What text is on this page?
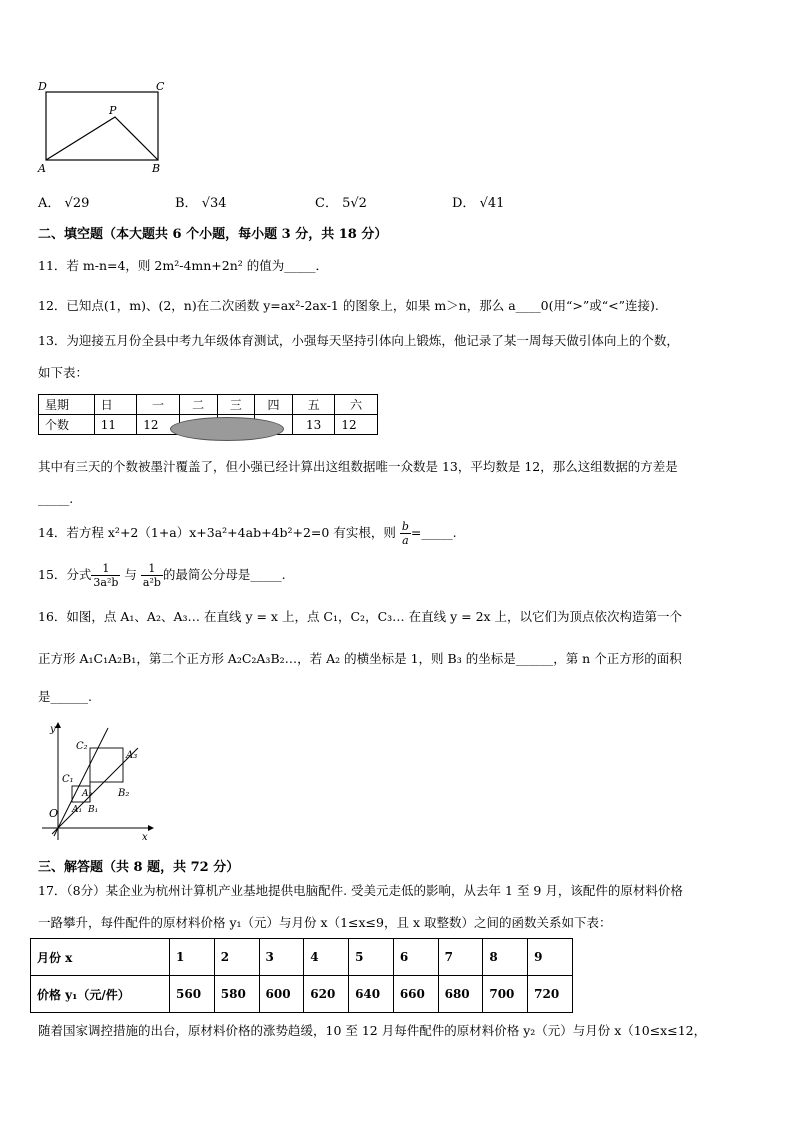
D	C
P
A	B
A． √29	B． √34	C． 5√2	D． √41
二、填空题（本大题共 6 个小题，每小题 3 分，共 18 分）
11．若 m-n=4，则 2m²-4mn+2n² 的值为_____．
12．已知点(1，m)、(2，n)在二次函数 y=ax²-2ax-1 的图象上，如果 m＞n，那么 a____0(用“>”或“<”连接).
13．为迎接五月份全县中考九年级体育测试，小强每天坚持引体向上锻炼，他记录了某一周每天做引体向上的个数，
如下表：
星期	日	一	二	三	四	五	六
个数	11	12				13	12
其中有三天的个数被墨汁覆盖了，但小强已经计算出这组数据唯一众数是 13，平均数是 12，那么这组数据的方差是
_____.
14．若方程 x²+2（1+a）x+3a²+4ab+4b²+2=0 有实根，则 $\frac{b}{a}$ =_____.
15．分式 $\frac{1}{\text{3a²b}}$ 与 $\frac{1}{\text{a²b}}$ 的最简公分母是_____.
16．如图，点 A₁、A₂、A₃… 在直线 y = x 上，点 C₁，C₂，C₃… 在直线 y = 2x 上，以它们为顶点依次构造第一个
正方形 A₁C₁A₂B₁，第二个正方形 A₂C₂A₃B₂…，若 A₂ 的横坐标是 1，则 B₃ 的坐标是______，第 n 个正方形的面积
是______.
y
x
O
C₁
C₂
A₁
A₂
A₃
B₁
B₂
三、解答题（共 8 题，共 72 分）
17．（8分）某企业为杭州计算机产业基地提供电脑配件. 受美元走低的影响，从去年 1 至 9 月，该配件的原材料价格
一路攀升，每件配件的原材料价格 y₁（元）与月份 x（1≤x≤9，且 x 取整数）之间的函数关系如下表：
月份 x	1	2	3	4	5	6	7	8	9
价格 y₁（元/件）	560	580	600	620	640	660	680	700	720
随着国家调控措施的出台，原材料价格的涨势趋缓，10 至 12 月每件配件的原材料价格 y₂（元）与月份 x（10≤x≤12，
